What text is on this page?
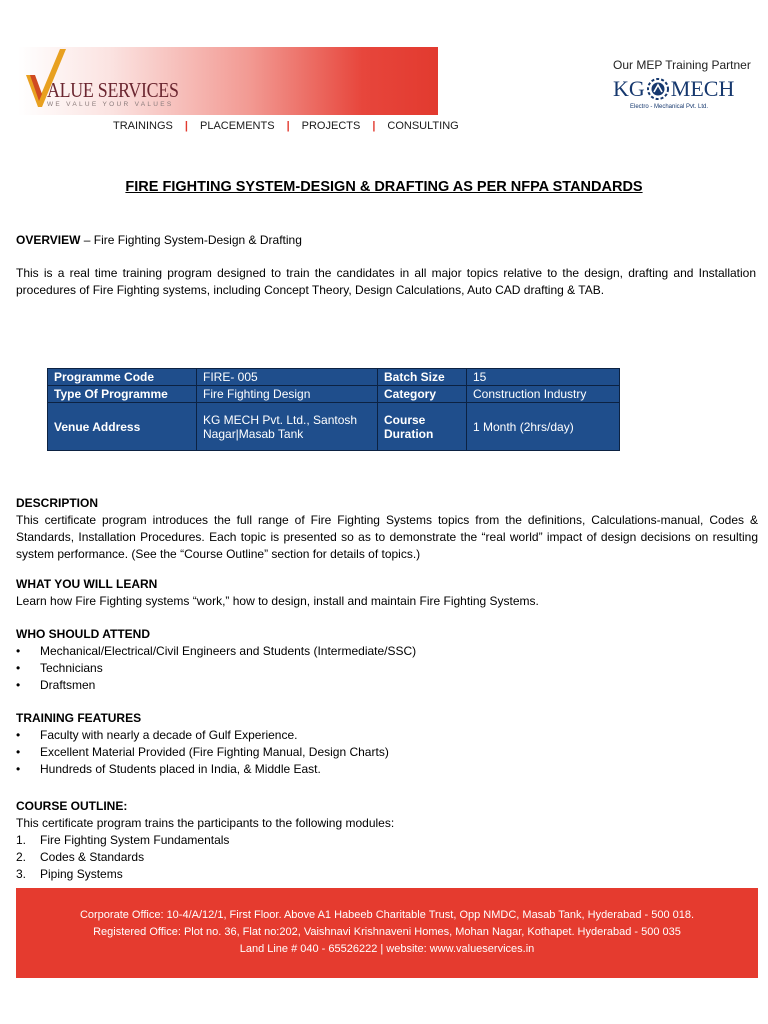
ALUE SERVICES
WE VALUE YOUR VALUES
TRAININGS | PLACEMENTS | PROJECTS | CONSULTING
Our MEP Training Partner
KG MECH
Electro - Mechanical Pvt. Ltd.
FIRE FIGHTING SYSTEM-DESIGN & DRAFTING AS PER NFPA STANDARDS
OVERVIEW – Fire Fighting System-Design & Drafting

This is a real time training program designed to train the candidates in all major topics relative to the design, drafting and Installation procedures of Fire Fighting systems, including Concept Theory, Design Calculations, Auto CAD drafting & TAB.

Programme Code	FIRE- 005	Batch Size	15
Type Of Programme	Fire Fighting Design	Category	Construction Industry
Venue Address	KG MECH Pvt. Ltd., Santosh Nagar|Masab Tank	Course Duration	1 Month (2hrs/day)
DESCRIPTION

This certificate program introduces the full range of Fire Fighting Systems topics from the definitions, Calculations-manual, Codes & Standards, Installation Procedures. Each topic is presented so as to demonstrate the “real world” impact of design decisions on resulting system performance. (See the “Course Outline” section for details of topics.)

WHAT YOU WILL LEARN

Learn how Fire Fighting systems “work,” how to design, install and maintain Fire Fighting Systems.

WHO SHOULD ATTEND
• Mechanical/Electrical/Civil Engineers and Students (Intermediate/SSC)
• Technicians
• Draftsmen
TRAINING FEATURES
• Faculty with nearly a decade of Gulf Experience.
• Excellent Material Provided (Fire Fighting Manual, Design Charts)
• Hundreds of Students placed in India, & Middle East.
COURSE OUTLINE:

This certificate program trains the participants to the following modules:

1. Fire Fighting System Fundamentals
2. Codes & Standards
3. Piping Systems
Corporate Office: 10-4/A/12/1, First Floor. Above A1 Habeeb Charitable Trust, Opp NMDC, Masab Tank, Hyderabad - 500 018.
Registered Office: Plot no. 36, Flat no:202, Vaishnavi Krishnaveni Homes, Mohan Nagar, Kothapet. Hyderabad - 500 035
Land Line # 040 - 65526222 | website: www.valueservices.in
